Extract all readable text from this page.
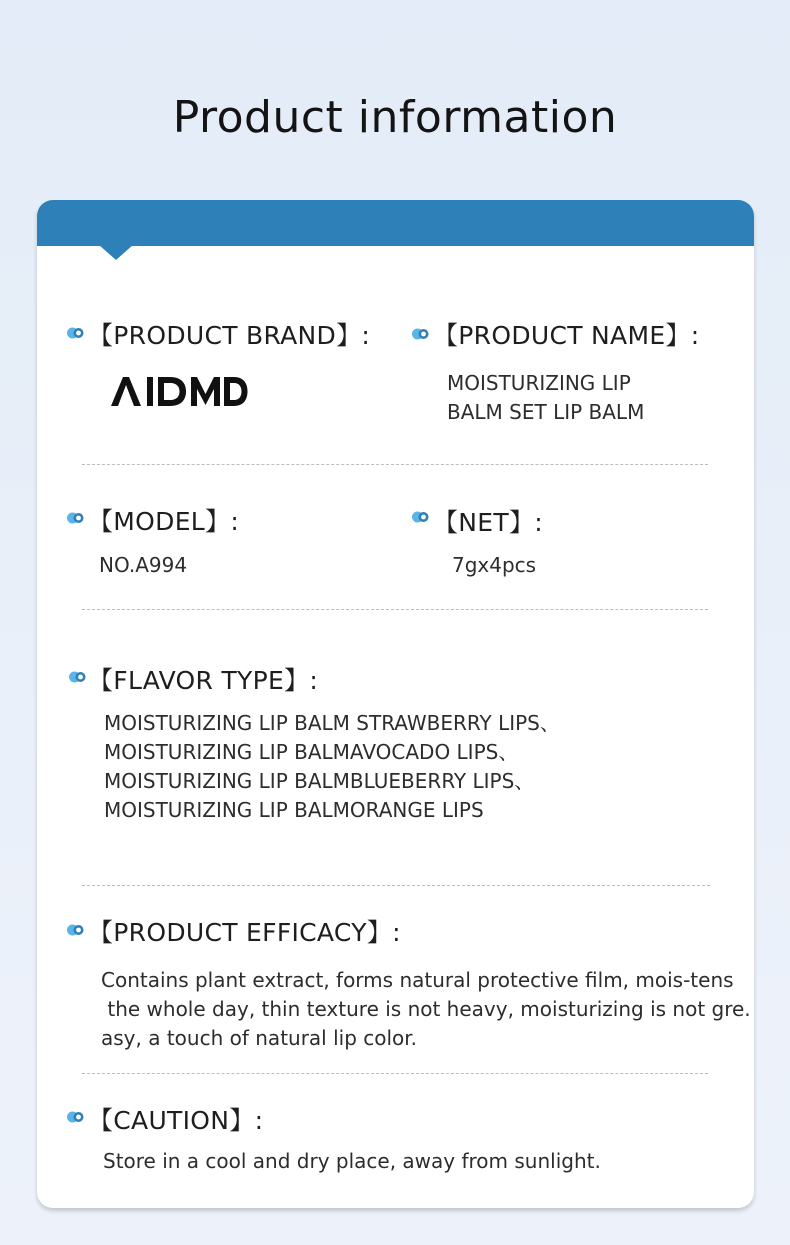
Product information
【PRODUCT BRAND】:	【PRODUCT NAME】:
MOISTURIZING LIP
BALM SET LIP BALM
【MODEL】:
NO.A994
【NET】:
7gx4pcs
【FLAVOR TYPE】:
MOISTURIZING LIP BALM STRAWBERRY LIPS、
MOISTURIZING LIP BALMAVOCADO LIPS、
MOISTURIZING LIP BALMBLUEBERRY LIPS、
MOISTURIZING LIP BALMORANGE LIPS
【PRODUCT EFFICACY】:
Contains plant extract, forms natural protective film, mois-tens
the whole day, thin texture is not heavy, moisturizing is not gre.
asy, a touch of natural lip color.
【CAUTION】:
Store in a cool and dry place, away from sunlight.
